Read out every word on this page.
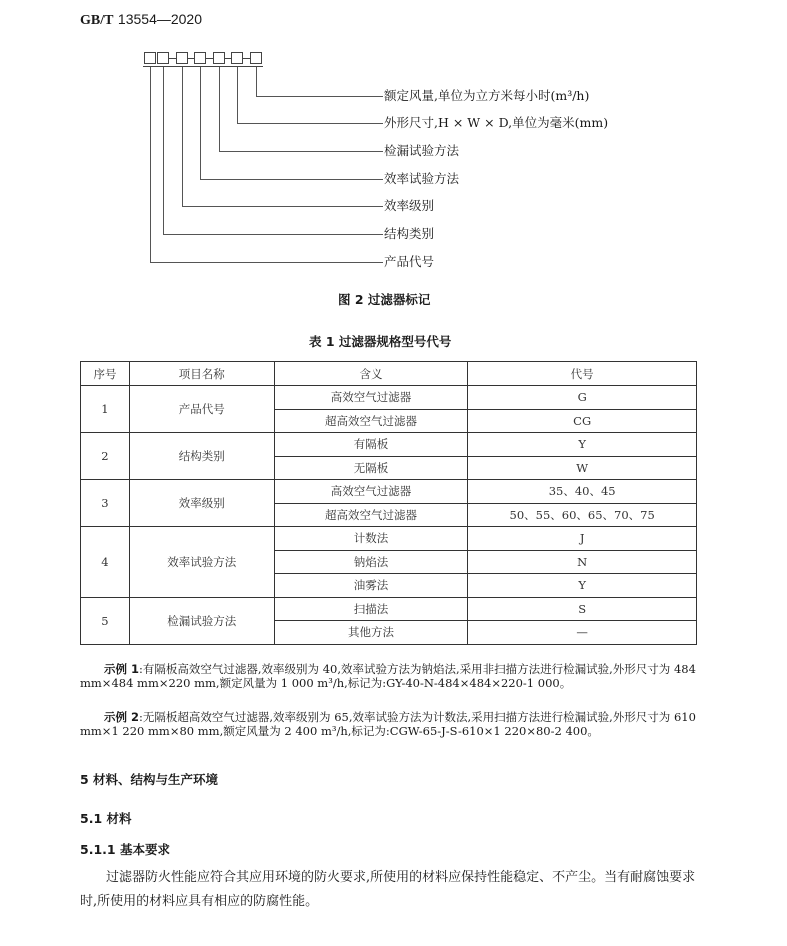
GB/T 13554—2020
额定风量,单位为立方米每小时(m³/h)
外形尺寸,H × W × D,单位为毫米(mm)
检漏试验方法
效率试验方法
效率级别
结构类别
产品代号
图 2 过滤器标记
表 1 过滤器规格型号代号
序号	项目名称	含义	代号
1	产品代号	高效空气过滤器	G
		超高效空气过滤器	CG
2	结构类别	有隔板	Y
		无隔板	W
3	效率级别	高效空气过滤器	35、40、45
		超高效空气过滤器	50、55、60、65、70、75
4	效率试验方法	计数法	J
		钠焰法	N
		油雾法	Y
5	检漏试验方法	扫描法	S
		其他方法	—
示例 1:有隔板高效空气过滤器,效率级别为 40,效率试验方法为钠焰法,采用非扫描方法进行检漏试验,外形尺寸为 484 mm×484 mm×220 mm,额定风量为 1 000 m³/h,标记为:GY-40-N-484×484×220-1 000。
示例 2:无隔板超高效空气过滤器,效率级别为 65,效率试验方法为计数法,采用扫描方法进行检漏试验,外形尺寸为 610 mm×1 220 mm×80 mm,额定风量为 2 400 m³/h,标记为:CGW-65-J-S-610×1 220×80-2 400。
5 材料、结构与生产环境
5.1 材料
5.1.1 基本要求
过滤器防火性能应符合其应用环境的防火要求,所使用的材料应保持性能稳定、不产尘。当有耐腐蚀要求时,所使用的材料应具有相应的防腐性能。
